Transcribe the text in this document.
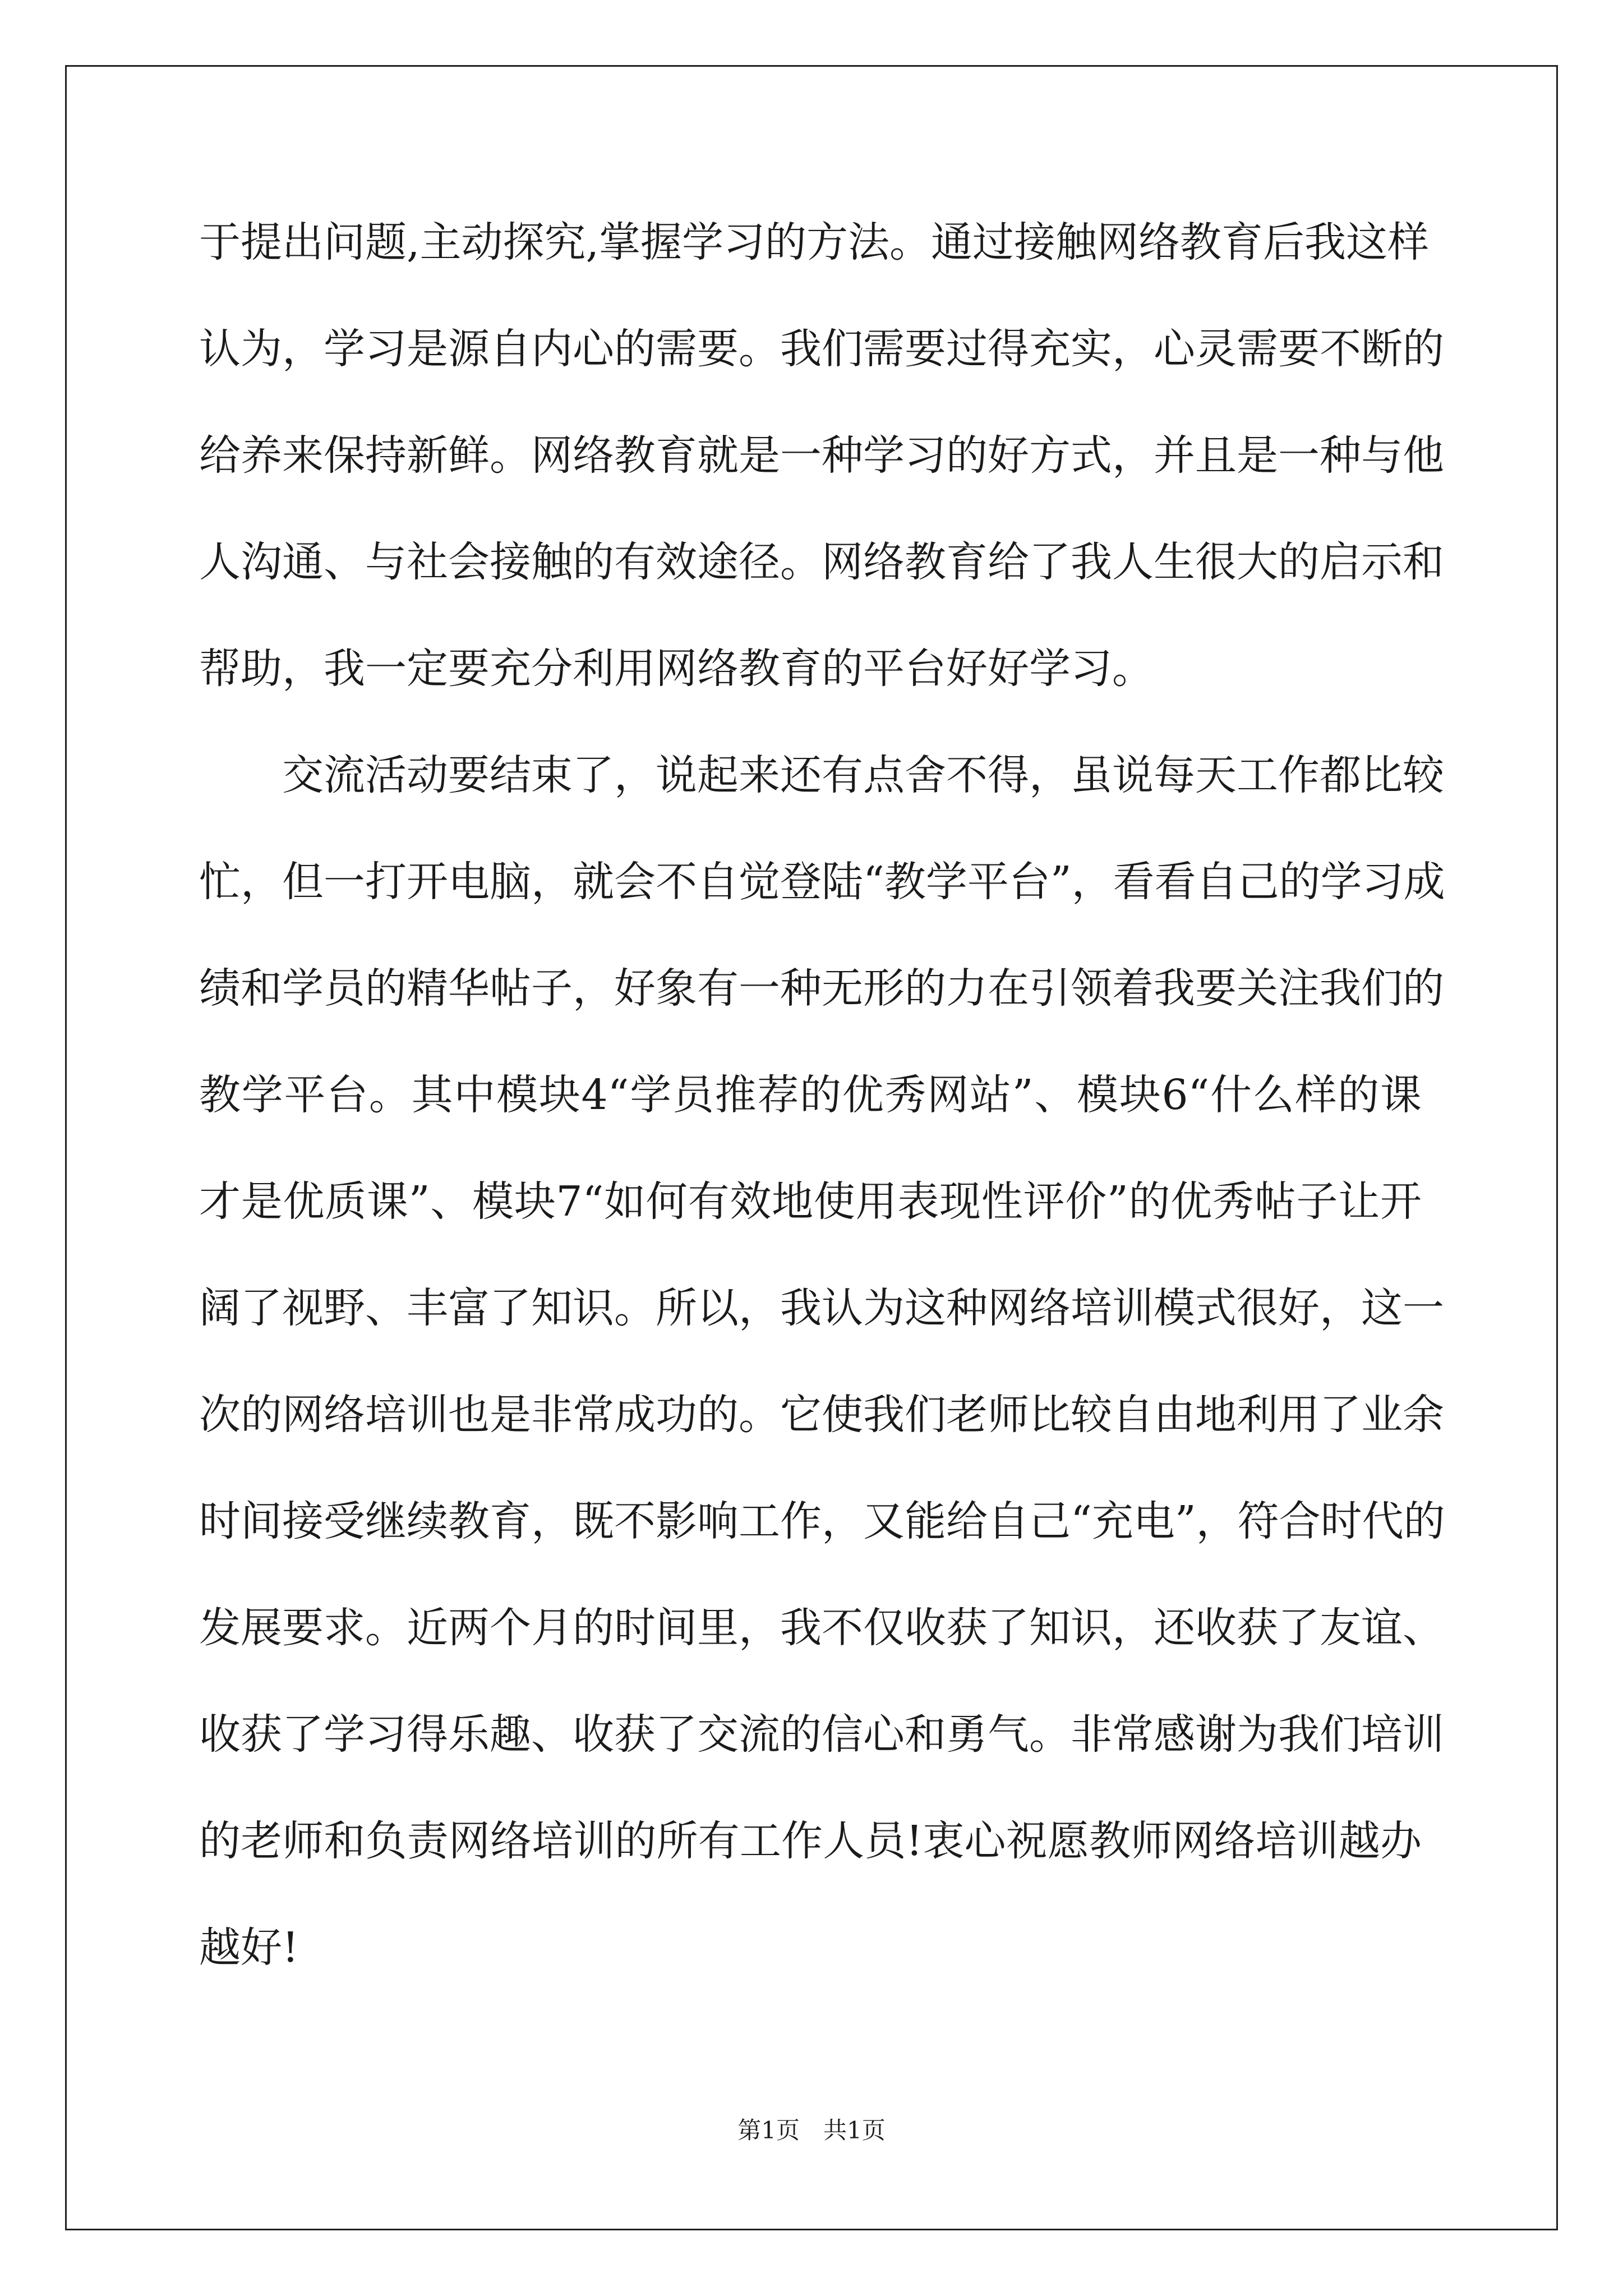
于提出问题,主动探究,掌握学习的方法。通过接触网络教育后我这样
认为，学习是源自内心的需要。我们需要过得充实，心灵需要不断的
给养来保持新鲜。网络教育就是一种学习的好方式，并且是一种与他
人沟通、与社会接触的有效途径。网络教育给了我人生很大的启示和
帮助，我一定要充分利用网络教育的平台好好学习。
交流活动要结束了，说起来还有点舍不得，虽说每天工作都比较
忙，但一打开电脑，就会不自觉登陆“教学平台”，看看自己的学习成
绩和学员的精华帖子，好象有一种无形的力在引领着我要关注我们的
教学平台。其中模块4“学员推荐的优秀网站”、模块6“什么样的课
才是优质课”、模块7“如何有效地使用表现性评价”的优秀帖子让开
阔了视野、丰富了知识。所以，我认为这种网络培训模式很好，这一
次的网络培训也是非常成功的。它使我们老师比较自由地利用了业余
时间接受继续教育，既不影响工作，又能给自己“充电”，符合时代的
发展要求。近两个月的时间里，我不仅收获了知识，还收获了友谊、
收获了学习得乐趣、收获了交流的信心和勇气。非常感谢为我们培训
的老师和负责网络培训的所有工作人员!衷心祝愿教师网络培训越办
越好!
第1页　共1页
